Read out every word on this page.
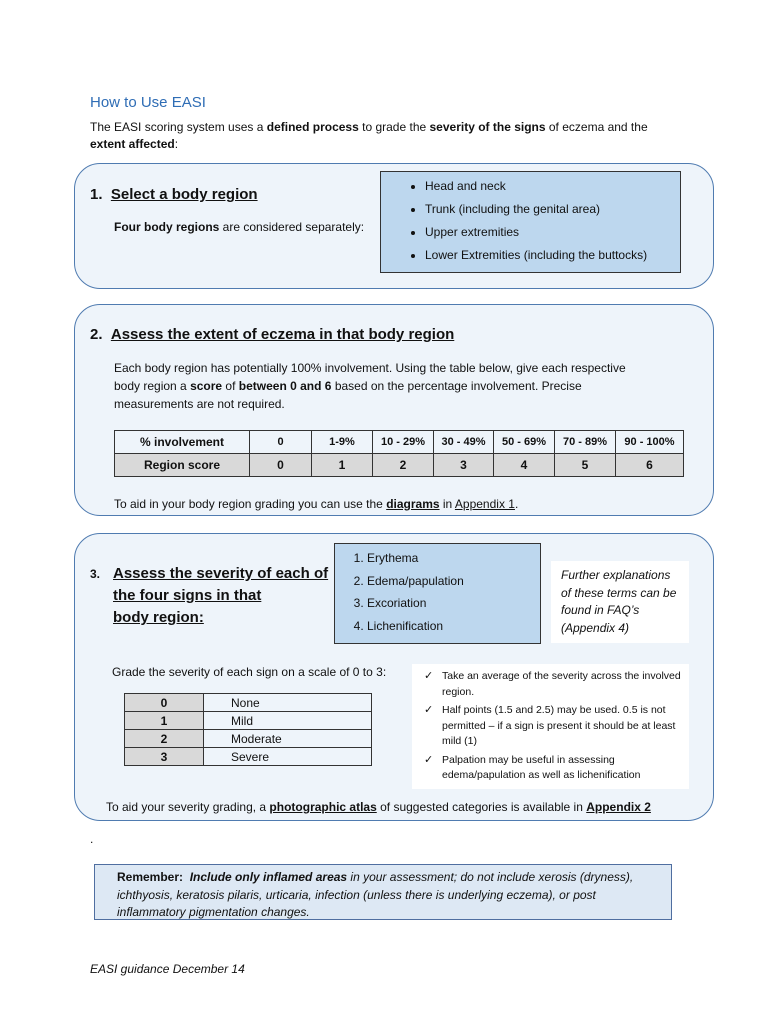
How to Use EASI
The EASI scoring system uses a defined process to grade the severity of the signs of eczema and the
extent affected:
1. Select a body region
Four body regions are considered separately:
• Head and neck
• Trunk (including the genital area)
• Upper extremities
• Lower Extremities (including the buttocks)
2. Assess the extent of eczema in that body region
Each body region has potentially 100% involvement. Using the table below, give each respective
body region a score of between 0 and 6 based on the percentage involvement. Precise
measurements are not required.
% involvement	0	1-9%	10 - 29%	30 - 49%	50 - 69%	70 - 89%	90 - 100%
Region score	0	1	2	3	4	5	6
To aid in your body region grading you can use the diagrams in Appendix 1.
3. Assess the severity of each of
the four signs in that
body region:
1. Erythema
2. Edema/papulation
3. Excoriation
4. Lichenification
Further explanations of these terms can be found in FAQ’s (Appendix 4)
Grade the severity of each sign on a scale of 0 to 3:
0	None
1	Mild
2	Moderate
3	Severe
✓ Take an average of the severity across the involved region.
✓ Half points (1.5 and 2.5) may be used. 0.5 is not permitted – if a sign is present it should be at least mild (1)
✓ Palpation may be useful in assessing edema/papulation as well as lichenification
To aid your severity grading, a photographic atlas of suggested categories is available in Appendix 2
.
Remember: Include only inflamed areas in your assessment; do not include xerosis (dryness), ichthyosis, keratosis pilaris, urticaria, infection (unless there is underlying eczema), or post inflammatory pigmentation changes.
EASI guidance December 14
